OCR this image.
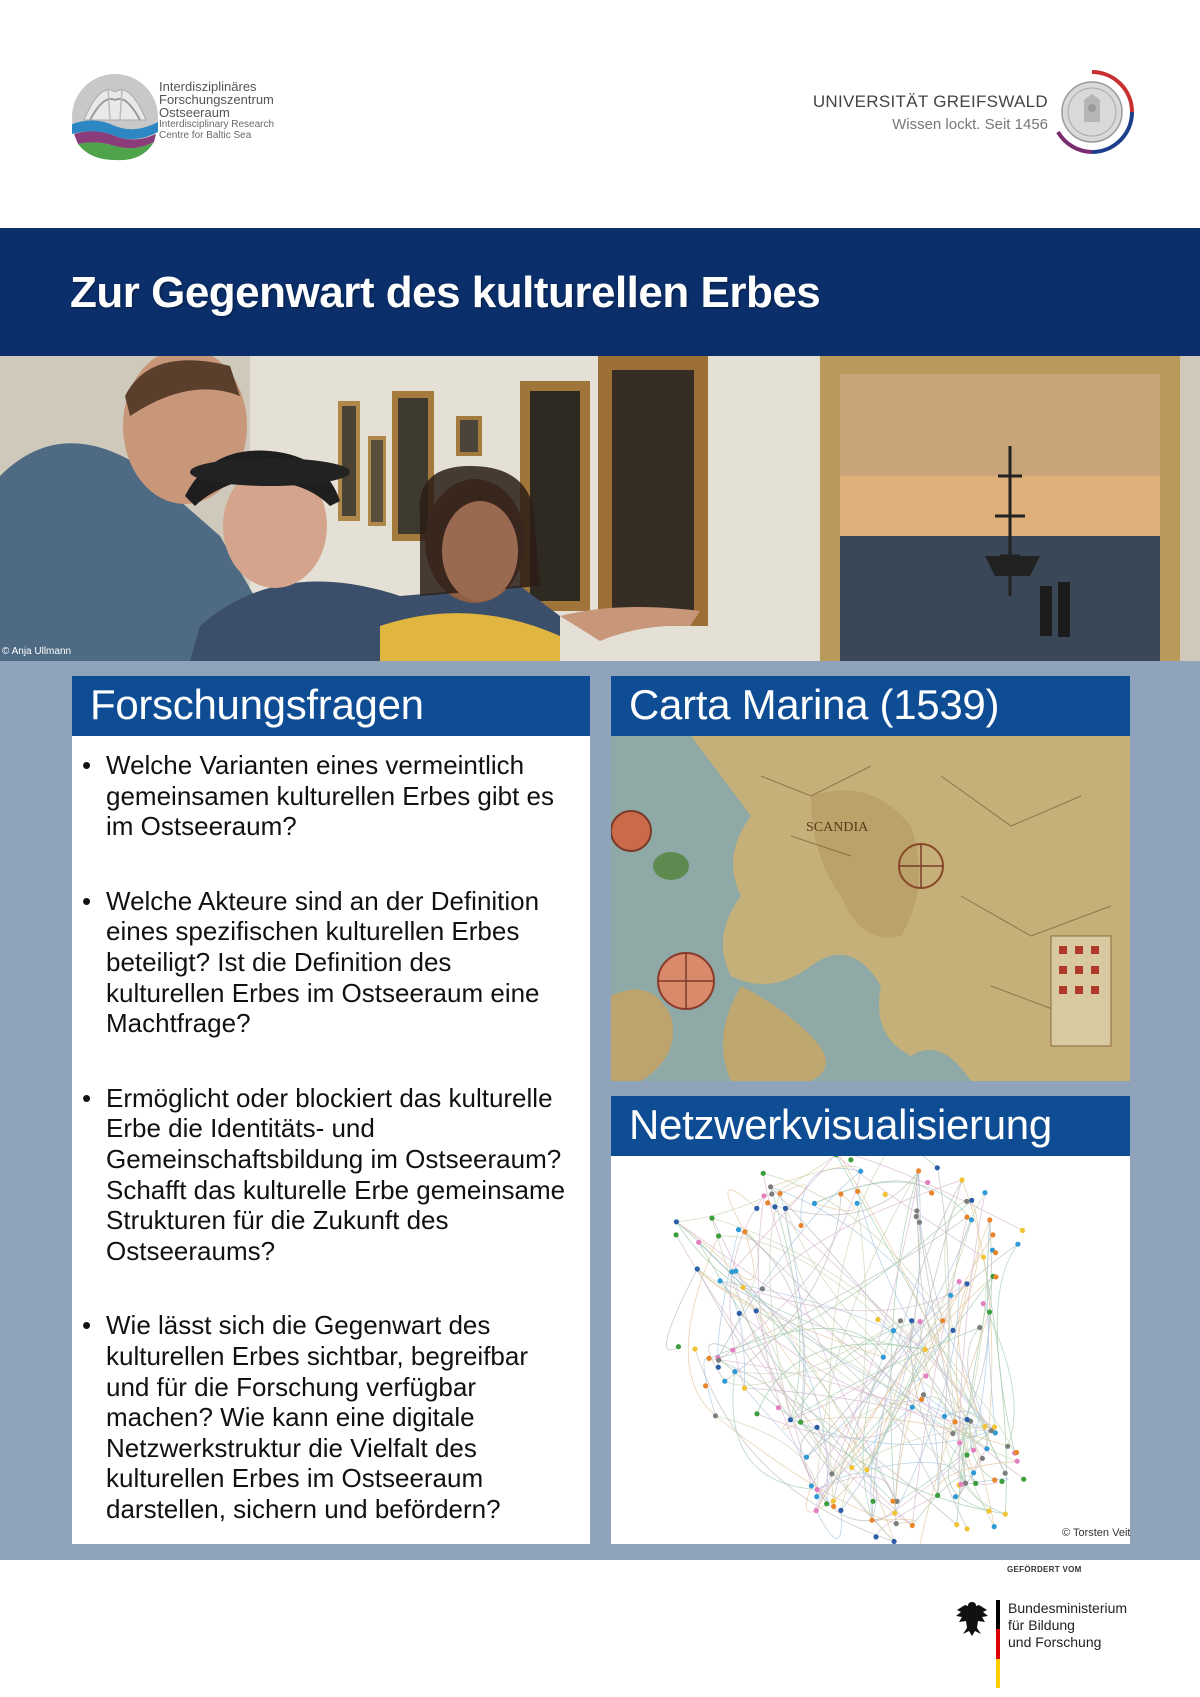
Interdisziplinäres
Forschungszentrum
Ostseeraum
Interdisciplinary Research
Centre for Baltic Sea
UNIVERSITÄT GREIFSWALD
Wissen lockt. Seit 1456
Zur Gegenwart des kulturellen Erbes
© Anja Ullmann
Forschungsfragen
• Welche Varianten eines vermeintlich
gemeinsamen kulturellen Erbes gibt es
im Ostseeraum?
• Welche Akteure sind an der Definition
eines spezifischen kulturellen Erbes
beteiligt? Ist die Definition des
kulturellen Erbes im Ostseeraum eine
Machtfrage?
• Ermöglicht oder blockiert das kulturelle
Erbe die Identitäts- und
Gemeinschaftsbildung im Ostseeraum?
Schafft das kulturelle Erbe gemeinsame
Strukturen für die Zukunft des
Ostseeraums?
• Wie lässt sich die Gegenwart des
kulturellen Erbes sichtbar, begreifbar
und für die Forschung verfügbar
machen? Wie kann eine digitale
Netzwerkstruktur die Vielfalt des
kulturellen Erbes im Ostseeraum
darstellen, sichern und befördern?
Carta Marina (1539)
SCANDIA
Netzwerkvisualisierung
© Torsten Veit
GEFÖRDERT VOM
Bundesministerium
für Bildung
und Forschung
